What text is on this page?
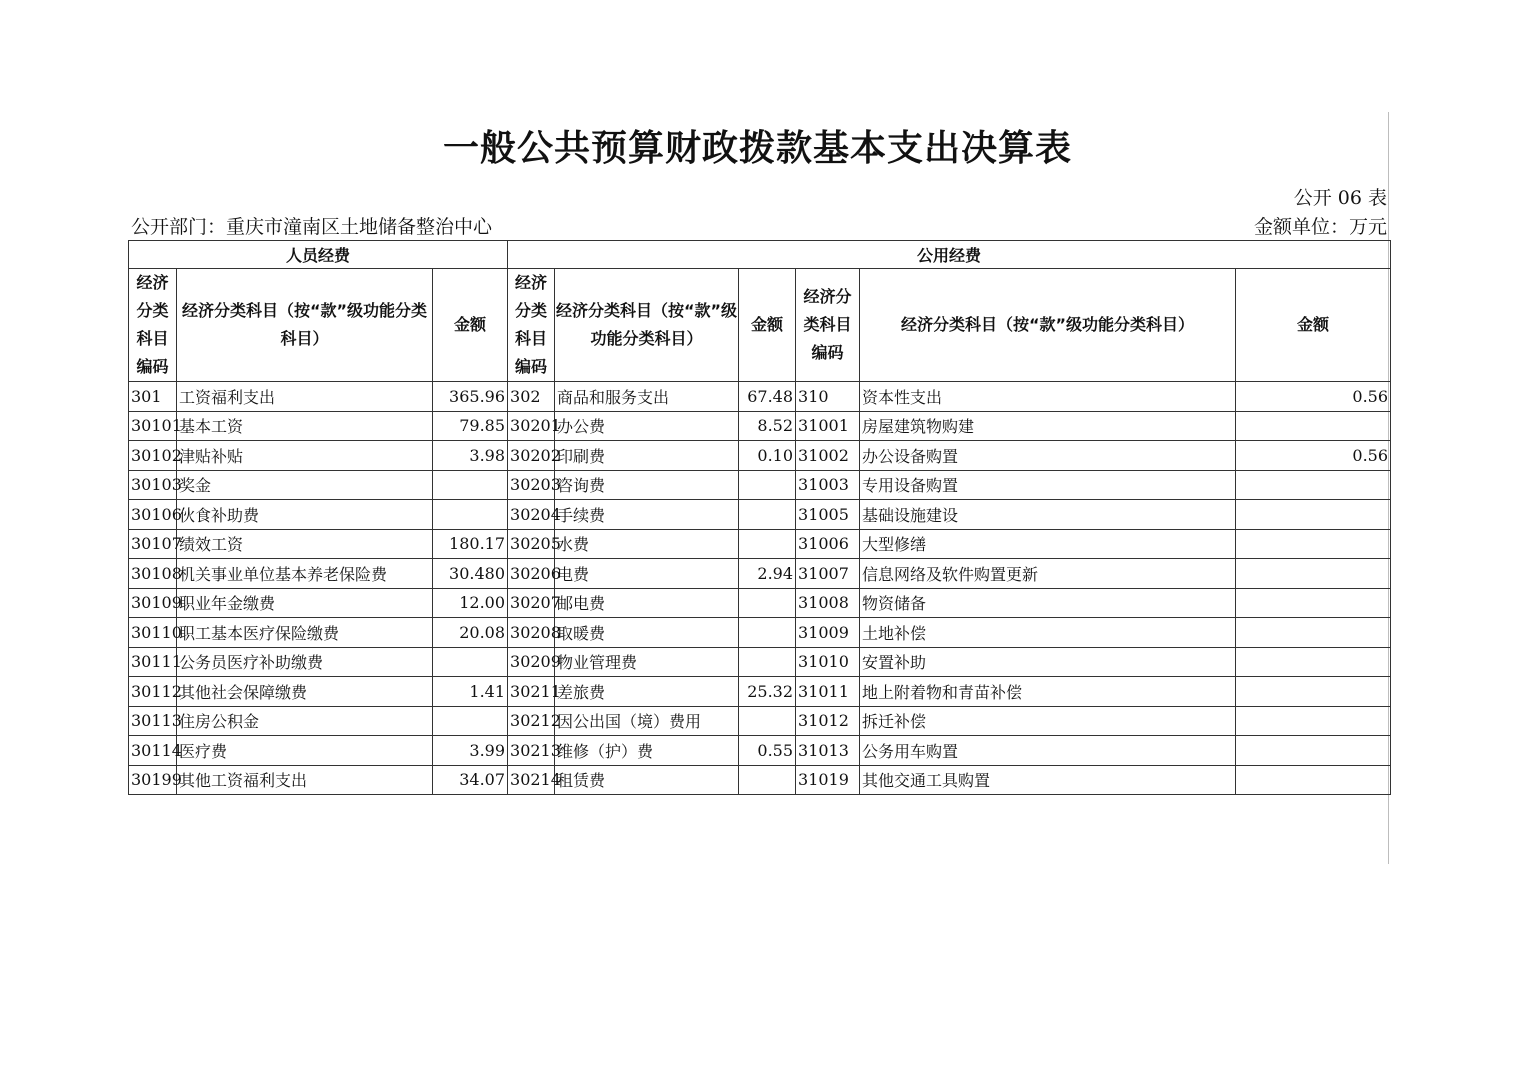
一般公共预算财政拨款基本支出决算表
公开 06 表
公开部门：重庆市潼南区土地储备整治中心	金额单位：万元
人员经费			公用经费					
经济分类科目编码	经济分类科目（按“款”级功能分类科目）	金额	经济分类科目编码	经济分类科目（按“款”级功能分类科目）	金额	经济分类科目编码	经济分类科目（按“款”级功能分类科目）	金额
301	工资福利支出	365.96	302	商品和服务支出	67.48	310	资本性支出	0.56
30101	基本工资	79.85	30201	办公费	8.52	31001	房屋建筑物购建	
30102	津贴补贴	3.98	30202	印刷费	0.10	31002	办公设备购置	0.56
30103	奖金		30203	咨询费		31003	专用设备购置	
30106	伙食补助费		30204	手续费		31005	基础设施建设	
30107	绩效工资	180.17	30205	水费		31006	大型修缮	
30108	机关事业单位基本养老保险费	30.480	30206	电费	2.94	31007	信息网络及软件购置更新	
30109	职业年金缴费	12.00	30207	邮电费		31008	物资储备	
30110	职工基本医疗保险缴费	20.08	30208	取暖费		31009	土地补偿	
30111	公务员医疗补助缴费		30209	物业管理费		31010	安置补助	
30112	其他社会保障缴费	1.41	30211	差旅费	25.32	31011	地上附着物和青苗补偿	
30113	住房公积金		30212	因公出国（境）费用		31012	拆迁补偿	
30114	医疗费	3.99	30213	维修（护）费	0.55	31013	公务用车购置	
30199	其他工资福利支出	34.07	30214	租赁费		31019	其他交通工具购置	
